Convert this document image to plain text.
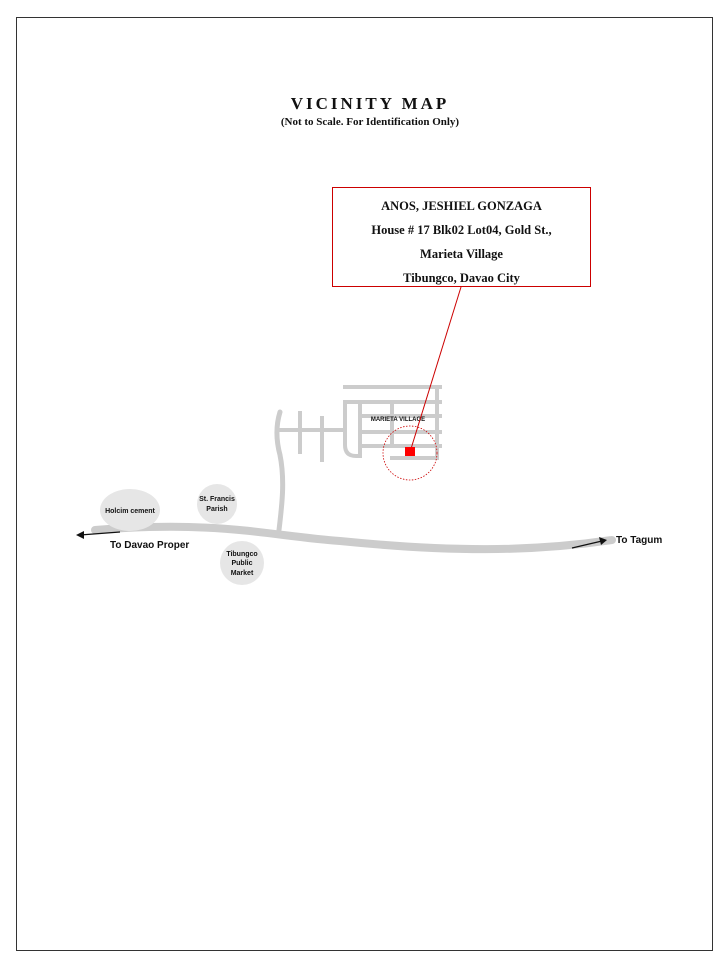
VICINITY MAP
(Not to Scale. For Identification Only)
ANOS, JESHIEL GONZAGA
House # 17 Blk02 Lot04, Gold St.,
Marieta Village
Tibungco, Davao City
Holcim cement
St. Francis
Parish
Tibungco
Public
Market
MARIETA VILLAGE
To Davao Proper	To Tagum
